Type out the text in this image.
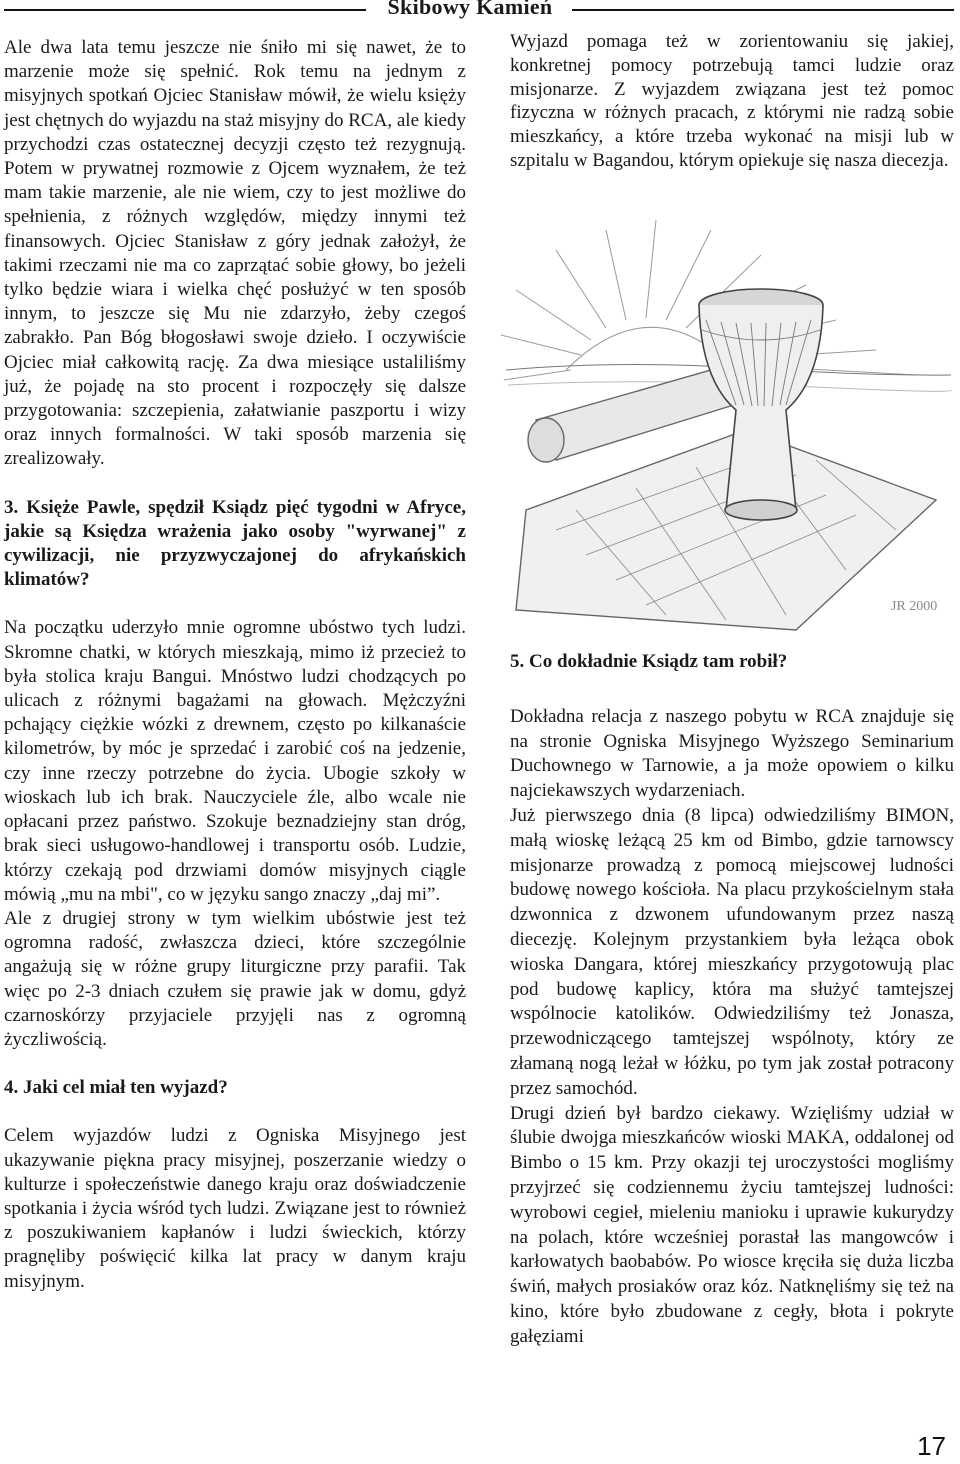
Skibowy Kamień

Ale dwa lata temu jeszcze nie śniło mi się nawet, że to marzenie może się spełnić. Rok temu na jednym z misyjnych spotkań Ojciec Stanisław mówił, że wielu księży jest chętnych do wyjazdu na staż misyjny do RCA, ale kiedy przychodzi czas ostatecznej decyzji często też rezygnują. Potem w prywatnej rozmowie z Ojcem wyznałem, że też mam takie marzenie, ale nie wiem, czy to jest możliwe do spełnienia, z różnych względów, między innymi też finansowych. Ojciec Stanisław z góry jednak założył, że takimi rzeczami nie ma co zaprzątać sobie głowy, bo jeżeli tylko będzie wiara i wielka chęć posłużyć w ten sposób innym, to jeszcze się Mu nie zdarzyło, żeby czegoś zabrakło. Pan Bóg błogosławi swoje dzieło. I oczywiście Ojciec miał całkowitą rację. Za dwa miesiące ustaliliśmy już, że pojadę na sto procent i rozpoczęły się dalsze przygotowania: szczepienia, załatwianie paszportu i wizy oraz innych formalności. W taki sposób marzenia się zrealizowały.

3. Księże Pawle, spędził Ksiądz pięć tygodni w Afryce, jakie są Księdza wrażenia jako osoby "wyrwanej" z cywilizacji, nie przyzwyczajonej do afrykańskich klimatów?

Na początku uderzyło mnie ogromne ubóstwo tych ludzi. Skromne chatki, w których mieszkają, mimo iż przecież to była stolica kraju Bangui. Mnóstwo ludzi chodzących po ulicach z różnymi bagażami na głowach. Mężczyźni pchający ciężkie wózki z drewnem, często po kilkanaście kilometrów, by móc je sprzedać i zarobić coś na jedzenie, czy inne rzeczy potrzebne do życia. Ubogie szkoły w wioskach lub ich brak. Nauczyciele źle, albo wcale nie opłacani przez państwo. Szokuje beznadziejny stan dróg, brak sieci usługowo-handlowej i transportu osób. Ludzie, którzy czekają pod drzwiami domów misyjnych ciągle mówią „mu na mbi", co w języku sango znaczy „daj mi”.

Ale z drugiej strony w tym wielkim ubóstwie jest też ogromna radość, zwłaszcza dzieci, które szczególnie angażują się w różne grupy liturgiczne przy parafii. Tak więc po 2-3 dniach czułem się prawie jak w domu, gdyż czarnoskórzy przyjaciele przyjęli nas z ogromną życzliwością.

4. Jaki cel miał ten wyjazd?

Celem wyjazdów ludzi z Ogniska Misyjnego jest ukazywanie piękna pracy misyjnej, poszerzanie wiedzy o kulturze i społeczeństwie danego kraju oraz doświadczenie spotkania i życia wśród tych ludzi. Związane jest to również z poszukiwaniem kapłanów i ludzi świeckich, którzy pragnęliby poświęcić kilka lat pracy w danym kraju misyjnym.

Wyjazd pomaga też w zorientowaniu się jakiej, konkretnej pomocy potrzebują tamci ludzie oraz misjonarze. Z wyjazdem związana jest też pomoc fizyczna w różnych pracach, z którymi nie radzą sobie mieszkańcy, a które trzeba wykonać na misji lub w szpitalu w Bagandou, którym opiekuje się nasza diecezja.

JR 2000

5. Co dokładnie Ksiądz tam robił?

Dokładna relacja z naszego pobytu w RCA znajduje się na stronie Ogniska Misyjnego Wyższego Seminarium Duchownego w Tarnowie, a ja może opowiem o kilku najciekawszych wydarzeniach.

Już pierwszego dnia (8 lipca) odwiedziliśmy BIMON, małą wioskę leżącą 25 km od Bimbo, gdzie tarnowscy misjonarze prowadzą z pomocą miejscowej ludności budowę nowego kościoła. Na placu przykościelnym stała dzwonnica z dzwonem ufundowanym przez naszą diecezję. Kolejnym przystankiem była leżąca obok wioska Dangara, której mieszkańcy przygotowują plac pod budowę kaplicy, która ma służyć tamtejszej wspólnocie katolików. Odwiedziliśmy też Jonasza, przewodniczącego tamtejszej wspólnoty, który ze złamaną nogą leżał w łóżku, po tym jak został potracony przez samochód.

Drugi dzień był bardzo ciekawy. Wzięliśmy udział w ślubie dwojga mieszkańców wioski MAKA, oddalonej od Bimbo o 15 km. Przy okazji tej uroczystości mogliśmy przyjrzeć się codziennemu życiu tamtejszej ludności: wyrobowi cegieł, mieleniu manioku i uprawie kukurydzy na polach, które wcześniej porastał las mangowców i karłowatych baobabów. Po wiosce kręciła się duża liczba świń, małych prosiaków oraz kóz. Natknęliśmy się też na kino, które było zbudowane z cegły, błota i pokryte gałęziami

17
